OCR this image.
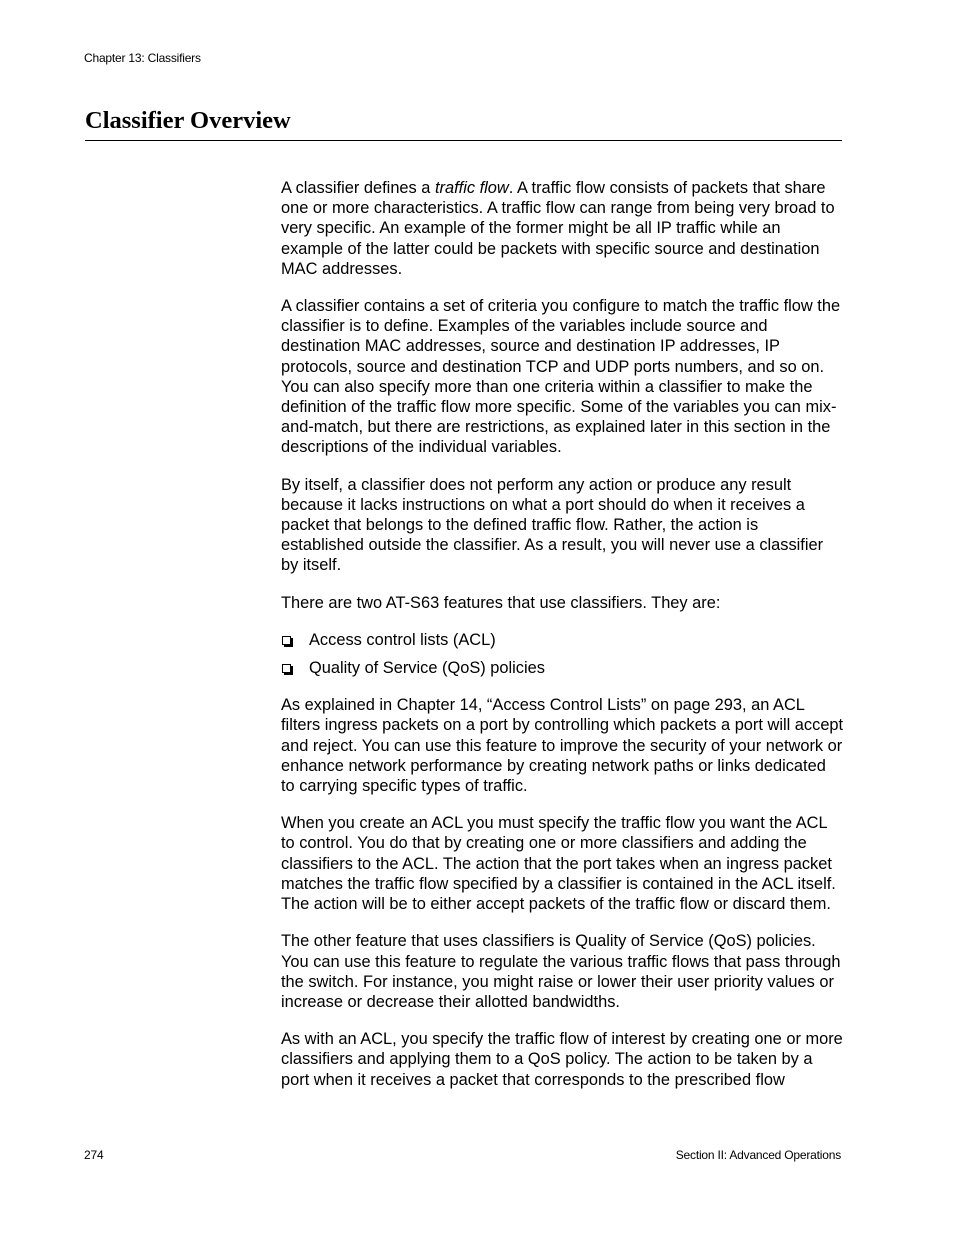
Chapter 13: Classifiers
Classifier Overview

A classifier defines a traffic flow. A traffic flow consists of packets that share one or more characteristics. A traffic flow can range from being very broad to very specific. An example of the former might be all IP traffic while an example of the latter could be packets with specific source and destination MAC addresses.

A classifier contains a set of criteria you configure to match the traffic flow the classifier is to define. Examples of the variables include source and destination MAC addresses, source and destination IP addresses, IP protocols, source and destination TCP and UDP ports numbers, and so on. You can also specify more than one criteria within a classifier to make the definition of the traffic flow more specific. Some of the variables you can mix-and-match, but there are restrictions, as explained later in this section in the descriptions of the individual variables.

By itself, a classifier does not perform any action or produce any result because it lacks instructions on what a port should do when it receives a packet that belongs to the defined traffic flow. Rather, the action is established outside the classifier. As a result, you will never use a classifier by itself.

There are two AT-S63 features that use classifiers. They are:

Access control lists (ACL)
Quality of Service (QoS) policies

As explained in Chapter 14, “Access Control Lists” on page 293, an ACL filters ingress packets on a port by controlling which packets a port will accept and reject. You can use this feature to improve the security of your network or enhance network performance by creating network paths or links dedicated to carrying specific types of traffic.

When you create an ACL you must specify the traffic flow you want the ACL to control. You do that by creating one or more classifiers and adding the classifiers to the ACL. The action that the port takes when an ingress packet matches the traffic flow specified by a classifier is contained in the ACL itself. The action will be to either accept packets of the traffic flow or discard them.

The other feature that uses classifiers is Quality of Service (QoS) policies. You can use this feature to regulate the various traffic flows that pass through the switch. For instance, you might raise or lower their user priority values or increase or decrease their allotted bandwidths.

As with an ACL, you specify the traffic flow of interest by creating one or more classifiers and applying them to a QoS policy. The action to be taken by a port when it receives a packet that corresponds to the prescribed flow

274	Section II: Advanced Operations
